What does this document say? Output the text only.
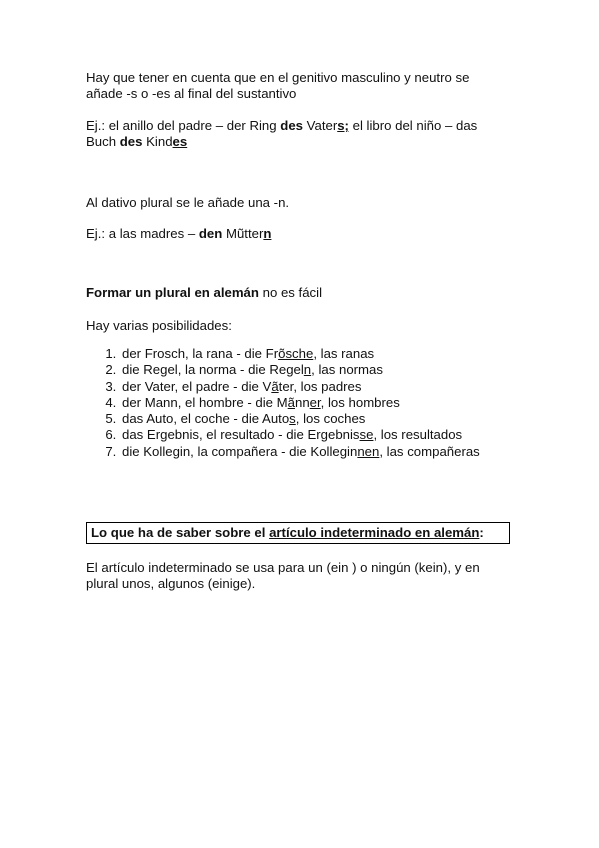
Hay que tener en cuenta que en el genitivo masculino y neutro se
añade -s o -es al final del sustantivo
Ej.: el anillo del padre – der Ring des Vaters; el libro del niño – das
Buch des Kindes
Al dativo plural se le añade una -n.
Ej.: a las madres – den Mũttern
Formar un plural en alemán no es fácil
Hay varias posibilidades:
1. der Frosch, la rana - die Frõsche, las ranas
2. die Regel, la norma - die Regeln, las normas
3. der Vater, el padre - die Vãter, los padres
4. der Mann, el hombre - die Mãnner, los hombres
5. das Auto, el coche - die Autos, los coches
6. das Ergebnis, el resultado - die Ergebnisse, los resultados
7. die Kollegin, la compañera - die Kolleginnen, las compañeras
Lo que ha de saber sobre el artículo indeterminado en alemán:
El artículo indeterminado se usa para un (ein ) o ningún (kein), y en
plural unos, algunos (einige).
